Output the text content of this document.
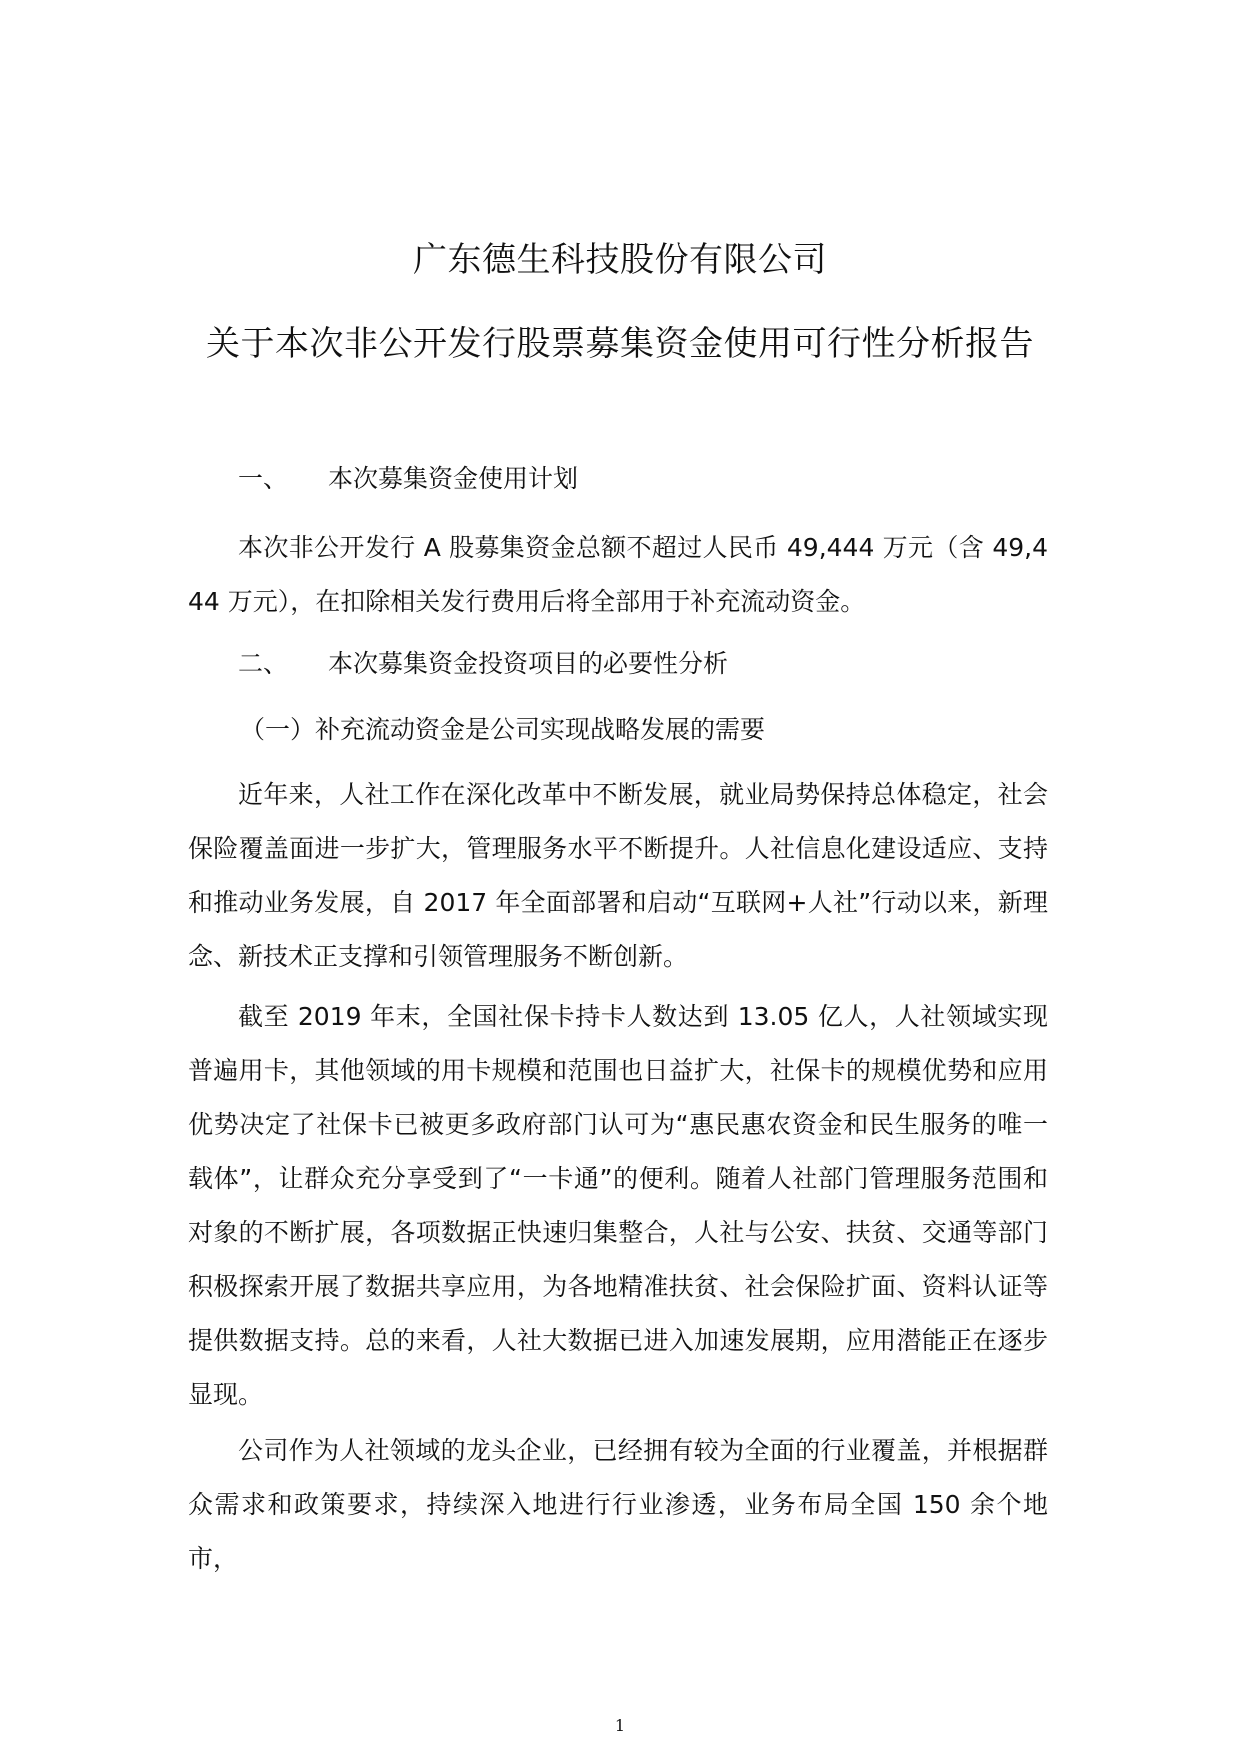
广东德生科技股份有限公司
关于本次非公开发行股票募集资金使用可行性分析报告
一、 本次募集资金使用计划
本次非公开发行 A 股募集资金总额不超过人民币 49,444 万元（含 49,444 万元），在扣除相关发行费用后将全部用于补充流动资金。
二、 本次募集资金投资项目的必要性分析
（一）补充流动资金是公司实现战略发展的需要
近年来，人社工作在深化改革中不断发展，就业局势保持总体稳定，社会保险覆盖面进一步扩大，管理服务水平不断提升。人社信息化建设适应、支持和推动业务发展，自 2017 年全面部署和启动“互联网+人社”行动以来，新理念、新技术正支撑和引领管理服务不断创新。
截至 2019 年末，全国社保卡持卡人数达到 13.05 亿人，人社领域实现普遍用卡，其他领域的用卡规模和范围也日益扩大，社保卡的规模优势和应用优势决定了社保卡已被更多政府部门认可为“惠民惠农资金和民生服务的唯一载体”，让群众充分享受到了“一卡通”的便利。随着人社部门管理服务范围和对象的不断扩展，各项数据正快速归集整合，人社与公安、扶贫、交通等部门积极探索开展了数据共享应用，为各地精准扶贫、社会保险扩面、资料认证等提供数据支持。总的来看，人社大数据已进入加速发展期，应用潜能正在逐步显现。
公司作为人社领域的龙头企业，已经拥有较为全面的行业覆盖，并根据群众需求和政策要求，持续深入地进行行业渗透，业务布局全国 150 余个地市，
1
